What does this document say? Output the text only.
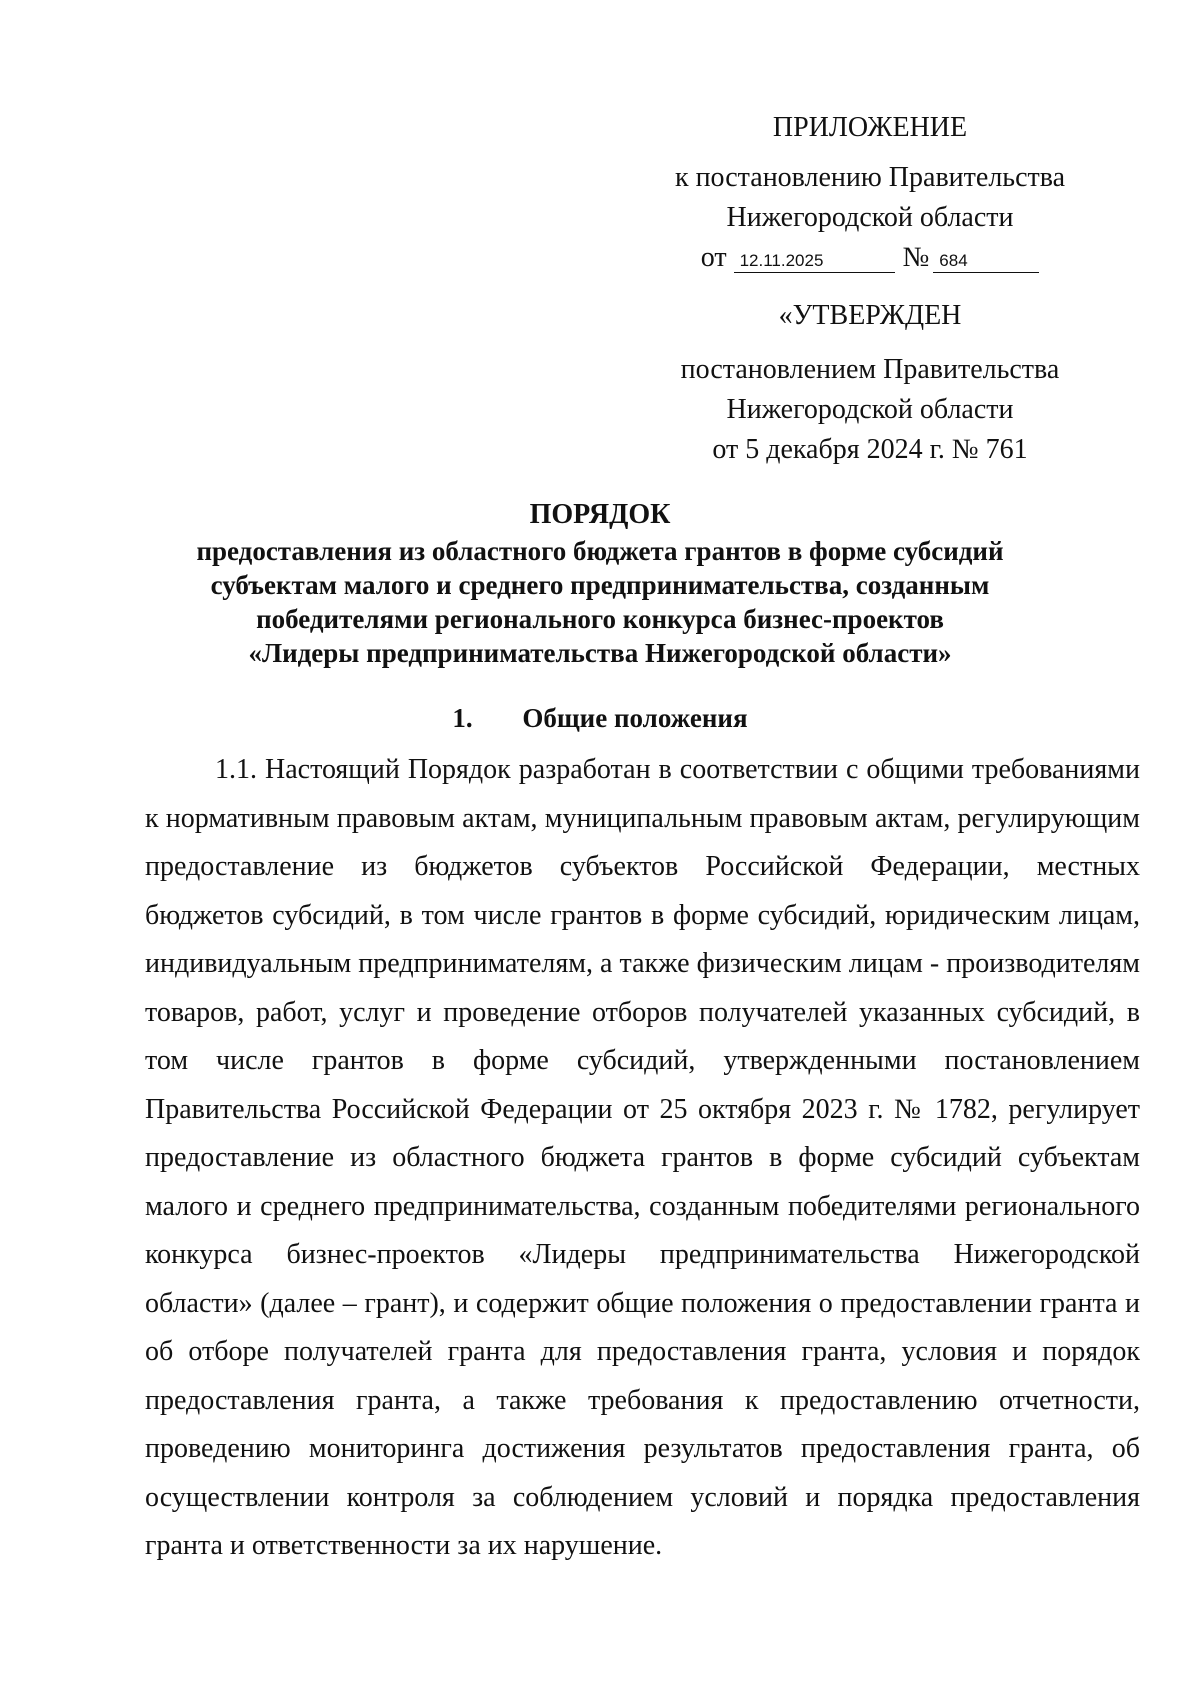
ПРИЛОЖЕНИЕ
к постановлению Правительства
Нижегородской области
от 12.11.2025	№ 684
«УТВЕРЖДЕН
постановлением Правительства
Нижегородской области
от 5 декабря 2024 г. № 761
ПОРЯДОК
предоставления из областного бюджета грантов в форме субсидий
субъектам малого и среднего предпринимательства, созданным
победителями регионального конкурса бизнес-проектов
«Лидеры предпринимательства Нижегородской области»
1. Общие положения

1.1. Настоящий Порядок разработан в соответствии с общими требованиями к нормативным правовым актам, муниципальным правовым актам, регулирующим предоставление из бюджетов субъектов Российской Федерации, местных бюджетов субсидий, в том числе грантов в форме субсидий, юридическим лицам, индивидуальным предпринимателям, а также физическим лицам - производителям товаров, работ, услуг и проведение отборов получателей указанных субсидий, в том числе грантов в форме субсидий, утвержденными постановлением Правительства Российской Федерации от 25 октября 2023 г. № 1782, регулирует предоставление из областного бюджета грантов в форме субсидий субъектам малого и среднего предпринимательства, созданным победителями регионального конкурса бизнес-проектов «Лидеры предпринимательства Нижегородской области» (далее – грант), и содержит общие положения о предоставлении гранта и об отборе получателей гранта для предоставления гранта, условия и порядок предоставления гранта, а также требования к предоставлению отчетности, проведению мониторинга достижения результатов предоставления гранта, об осуществлении контроля за соблюдением условий и порядка предоставления гранта и ответственности за их нарушение.
